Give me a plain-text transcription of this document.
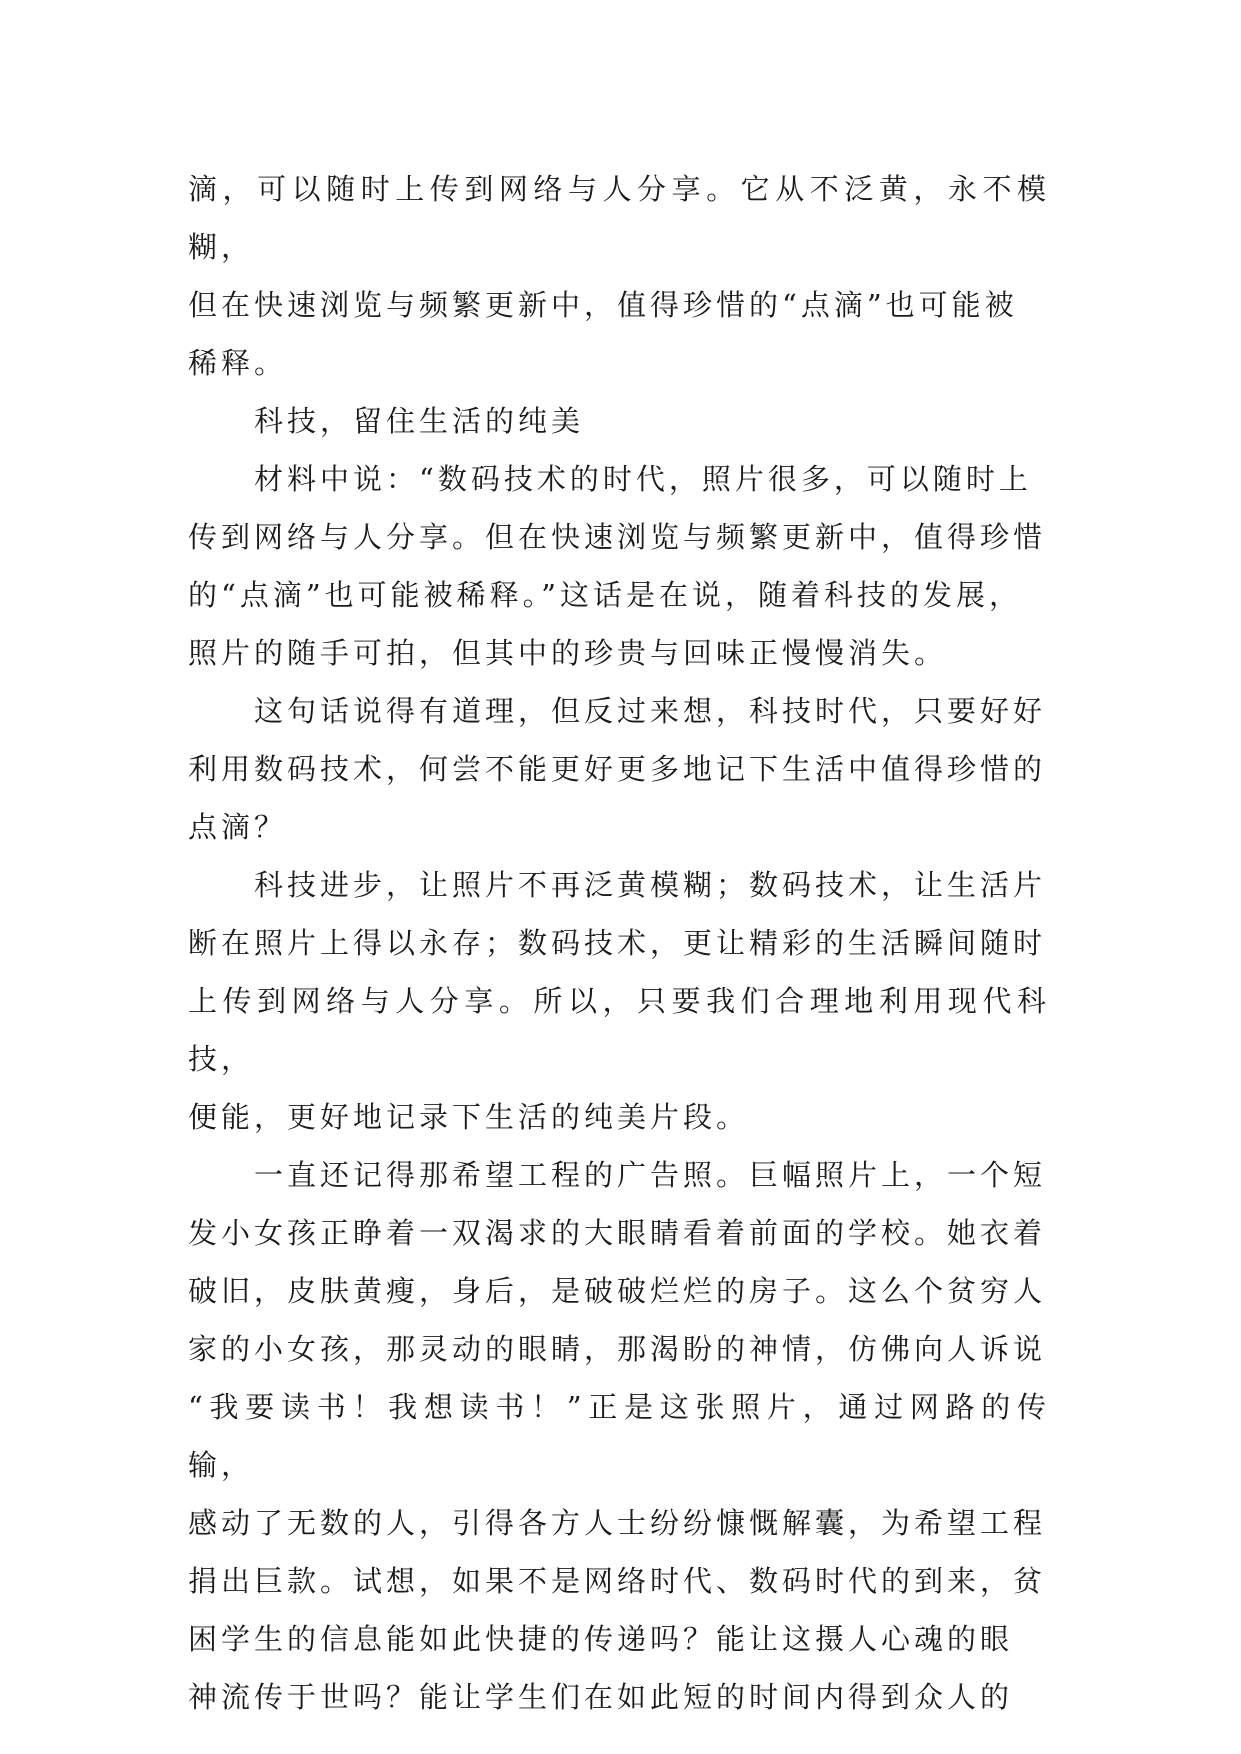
滴，可以随时上传到网络与人分享。它从不泛黄，永不模糊，
但在快速浏览与频繁更新中，值得珍惜的“点滴”也可能被
稀释。

科技，留住生活的纯美

材料中说：“数码技术的时代，照片很多，可以随时上
传到网络与人分享。但在快速浏览与频繁更新中，值得珍惜
的“点滴”也可能被稀释。”这话是在说，随着科技的发展，
照片的随手可拍，但其中的珍贵与回味正慢慢消失。

这句话说得有道理，但反过来想，科技时代，只要好好
利用数码技术，何尝不能更好更多地记下生活中值得珍惜的
点滴？

科技进步，让照片不再泛黄模糊；数码技术，让生活片
断在照片上得以永存；数码技术，更让精彩的生活瞬间随时
上传到网络与人分享。所以，只要我们合理地利用现代科技，
便能，更好地记录下生活的纯美片段。

一直还记得那希望工程的广告照。巨幅照片上，一个短
发小女孩正睁着一双渴求的大眼睛看着前面的学校。她衣着
破旧，皮肤黄瘦，身后，是破破烂烂的房子。这么个贫穷人
家的小女孩，那灵动的眼睛，那渴盼的神情，仿佛向人诉说
“我要读书！我想读书！”正是这张照片，通过网路的传输，
感动了无数的人，引得各方人士纷纷慷慨解囊，为希望工程
捐出巨款。试想，如果不是网络时代、数码时代的到来，贫
困学生的信息能如此快捷的传递吗？能让这摄人心魂的眼
神流传于世吗？能让学生们在如此短的时间内得到众人的
